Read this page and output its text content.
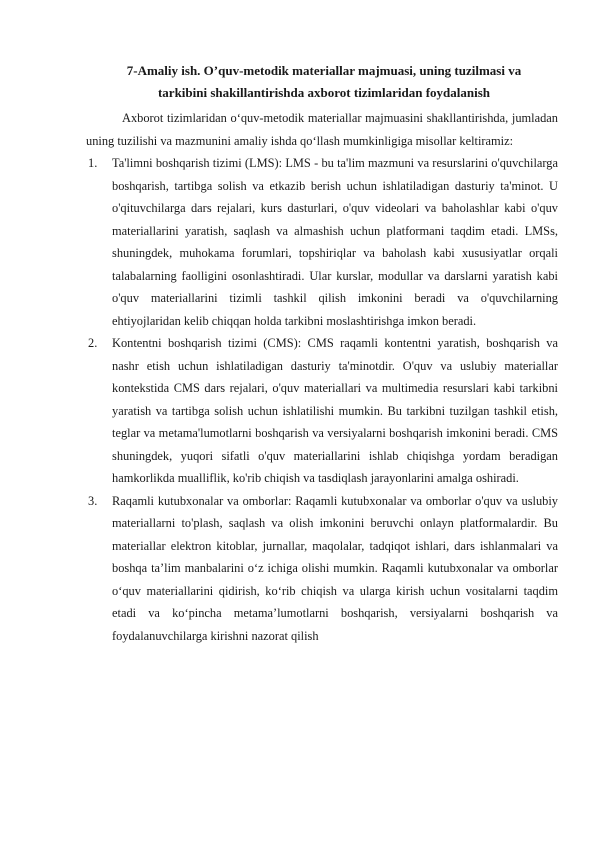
7-Amaliy ish. O’quv-metodik materiallar majmuasi, uning tuzilmasi va
tarkibini shakillantirishda axborot tizimlaridan foydalanish

Axborot tizimlaridan o‘quv-metodik materiallar majmuasini shakllantirishda, jumladan uning tuzilishi va mazmunini amaliy ishda qo‘llash mumkinligiga misollar keltiramiz:

1. Ta'limni boshqarish tizimi (LMS): LMS - bu ta'lim mazmuni va resurslarini o'quvchilarga boshqarish, tartibga solish va etkazib berish uchun ishlatiladigan dasturiy ta'minot. U o'qituvchilarga dars rejalari, kurs dasturlari, o'quv videolari va baholashlar kabi o'quv materiallarini yaratish, saqlash va almashish uchun platformani taqdim etadi. LMSs, shuningdek, muhokama forumlari, topshiriqlar va baholash kabi xususiyatlar orqali talabalarning faolligini osonlashtiradi. Ular kurslar, modullar va darslarni yaratish kabi o'quv materiallarini tizimli tashkil qilish imkonini beradi va o'quvchilarning ehtiyojlaridan kelib chiqqan holda tarkibni moslashtirishga imkon beradi.
2. Kontentni boshqarish tizimi (CMS): CMS raqamli kontentni yaratish, boshqarish va nashr etish uchun ishlatiladigan dasturiy ta'minotdir. O'quv va uslubiy materiallar kontekstida CMS dars rejalari, o'quv materiallari va multimedia resurslari kabi tarkibni yaratish va tartibga solish uchun ishlatilishi mumkin. Bu tarkibni tuzilgan tashkil etish, teglar va metama'lumotlarni boshqarish va versiyalarni boshqarish imkonini beradi. CMS shuningdek, yuqori sifatli o'quv materiallarini ishlab chiqishga yordam beradigan hamkorlikda mualliflik, ko'rib chiqish va tasdiqlash jarayonlarini amalga oshiradi.
3. Raqamli kutubxonalar va omborlar: Raqamli kutubxonalar va omborlar o'quv va uslubiy materiallarni to'plash, saqlash va olish imkonini beruvchi onlayn platformalardir. Bu materiallar elektron kitoblar, jurnallar, maqolalar, tadqiqot ishlari, dars ishlanmalari va boshqa ta’lim manbalarini o‘z ichiga olishi mumkin. Raqamli kutubxonalar va omborlar o‘quv materiallarini qidirish, ko‘rib chiqish va ularga kirish uchun vositalarni taqdim etadi va ko‘pincha metama’lumotlarni boshqarish, versiyalarni boshqarish va foydalanuvchilarga kirishni nazorat qilish
